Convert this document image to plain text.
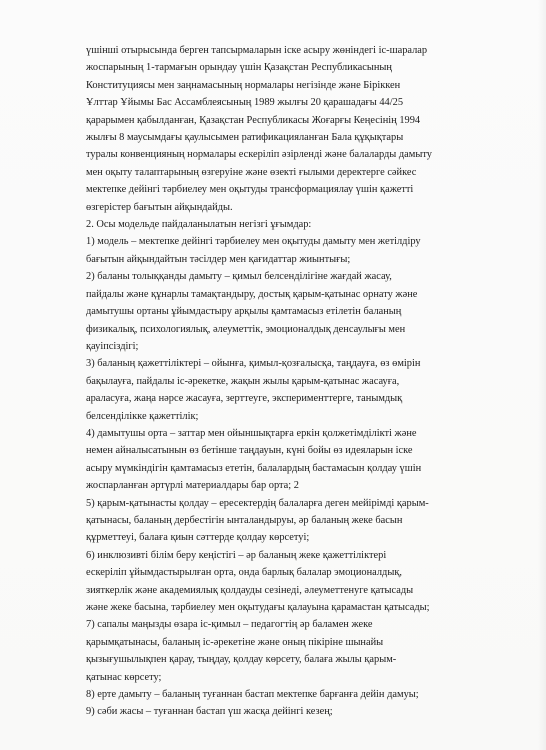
үшінші отырысында берген тапсырмаларын іске асыру жөніндегі іс-шаралар
жоспарының 1-тармағын орындау үшін Қазақстан Республикасының
Конституциясы мен заңнамасының нормалары негізінде және Біріккен
Ұлттар Ұйымы Бас Ассамблеясының 1989 жылғы 20 қарашадағы 44/25
қарарымен қабылданған, Қазақстан Республикасы Жоғарғы Кеңесінің 1994
жылғы 8 маусымдағы қаулысымен ратификацияланған Бала құқықтары
туралы конвенцияның нормалары ескеріліп әзірленді және балаларды дамыту
мен оқыту талаптарының өзгеруіне және өзекті ғылыми деректерге сәйкес
мектепке дейінгі тәрбиелеу мен оқытуды трансформациялау үшін қажетті
өзгерістер бағытын айқындайды.
2. Осы модельде пайдаланылатын негізгі ұғымдар:
1) модель – мектепке дейінгі тәрбиелеу мен оқытуды дамыту мен жетілдіру
бағытын айқындайтын тәсілдер мен қағидаттар жиынтығы;
2) баланы толыққанды дамыту – қимыл белсенділігіне жағдай жасау,
пайдалы және құнарлы тамақтандыру, достық қарым-қатынас орнату және
дамытушы ортаны ұйымдастыру арқылы қамтамасыз етілетін баланың
физикалық, психологиялық, әлеуметтік, эмоционалдық денсаулығы мен
қауіпсіздігі;
3) баланың қажеттіліктері – ойынға, қимыл-қозғалысқа, таңдауға, өз өмірін
бақылауға, пайдалы іс-әрекетке, жақын жылы қарым-қатынас жасауға,
араласуға, жаңа нәрсе жасауға, зерттеуге, эксперименттерге, танымдық
белсенділікке қажеттілік;
4) дамытушы орта – заттар мен ойыншықтарға еркін қолжетімділікті және
немен айналысатынын өз бетінше таңдауын, күні бойы өз идеяларын іске
асыру мүмкіндігін қамтамасыз ететін, балалардың бастамасын қолдау үшін
жоспарланған әртүрлі материалдары бар орта; 2
5) қарым-қатынасты қолдау – ересектердің балаларға деген мейірімді қарым-
қатынасы, баланың дербестігін ынталандыруы, әр баланың жеке басын
құрметтеуі, балаға қиын сәттерде қолдау көрсетуі;
6) инклюзивті білім беру кеңістігі – әр баланың жеке қажеттіліктері
ескеріліп ұйымдастырылған орта, онда барлық балалар эмоционалдық,
зияткерлік және академиялық қолдауды сезінеді, әлеуметтенуге қатысады
және жеке басына, тәрбиелеу мен оқытудағы қалауына қарамастан қатысады;
7) сапалы маңызды өзара іс-қимыл – педагогтің әр баламен жеке
қарымқатынасы, баланың іс-әрекетіне және оның пікіріне шынайы
қызығушылықпен қарау, тыңдау, қолдау көрсету, балаға жылы қарым-
қатынас көрсету;
8) ерте дамыту – баланың туғаннан бастап мектепке барғанға дейін дамуы;
9) сәби жасы – туғаннан бастап үш жасқа дейінгі кезең;
